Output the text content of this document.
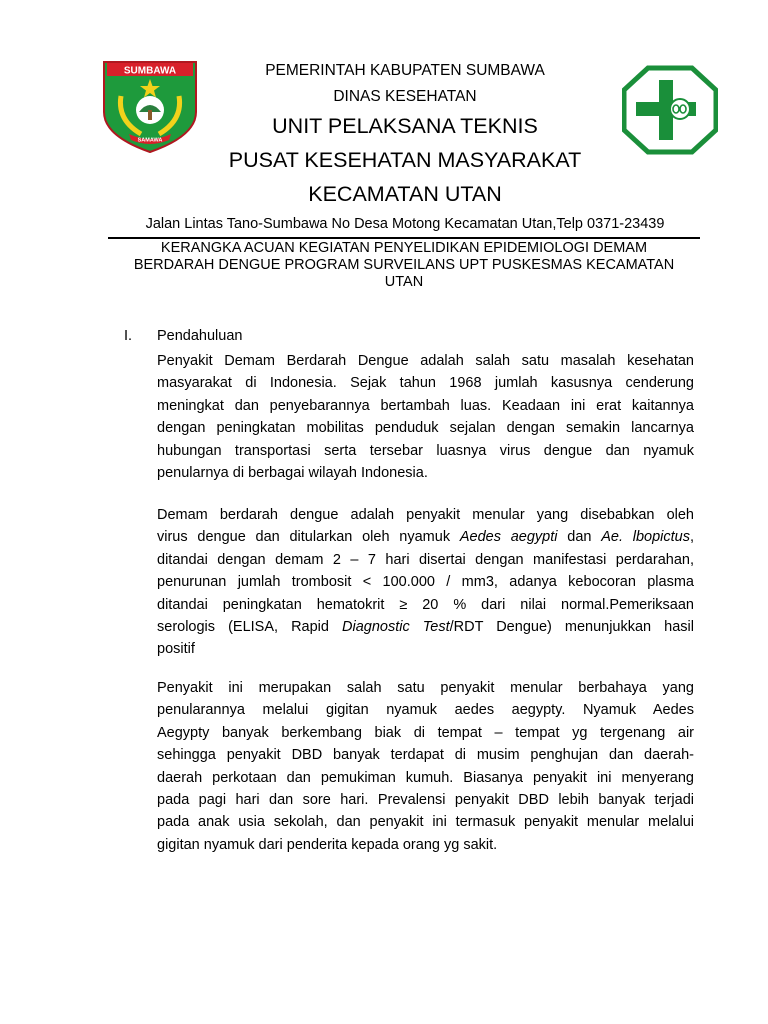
SUMBAWA
SAMAWA
PEMERINTAH KABUPATEN SUMBAWA
DINAS KESEHATAN
UNIT PELAKSANA TEKNIS
PUSAT KESEHATAN MASYARAKAT
KECAMATAN UTAN
Jalan Lintas Tano-Sumbawa No Desa Motong Kecamatan Utan,Telp 0371-23439
KERANGKA ACUAN KEGIATAN PENYELIDIKAN EPIDEMIOLOGI DEMAM
BERDARAH DENGUE PROGRAM SURVEILANS UPT PUSKESMAS KECAMATAN
UTAN
I. Pendahuluan
Penyakit Demam Berdarah Dengue adalah salah satu masalah kesehatan
masyarakat di Indonesia. Sejak tahun 1968 jumlah kasusnya cenderung
meningkat dan penyebarannya bertambah luas. Keadaan ini erat kaitannya
dengan peningkatan mobilitas penduduk sejalan dengan semakin lancarnya
hubungan transportasi serta tersebar luasnya virus dengue dan nyamuk
penularnya di berbagai wilayah Indonesia.
Demam berdarah dengue adalah penyakit menular yang disebabkan oleh
virus dengue dan ditularkan oleh nyamuk Aedes aegypti dan Ae. lbopictus,
ditandai dengan demam 2 – 7 hari disertai dengan manifestasi perdarahan,
penurunan jumlah trombosit < 100.000 / mm3, adanya kebocoran plasma
ditandai peningkatan hematokrit ≥ 20 % dari nilai normal.Pemeriksaan
serologis (ELISA, Rapid Diagnostic Test/RDT Dengue) menunjukkan hasil
positif
Penyakit ini merupakan salah satu penyakit menular berbahaya yang
penularannya melalui gigitan nyamuk aedes aegypty. Nyamuk Aedes
Aegypty banyak berkembang biak di tempat – tempat yg tergenang air
sehingga penyakit DBD banyak terdapat di musim penghujan dan daerah-
daerah perkotaan dan pemukiman kumuh. Biasanya penyakit ini menyerang
pada pagi hari dan sore hari. Prevalensi penyakit DBD lebih banyak terjadi
pada anak usia sekolah, dan penyakit ini termasuk penyakit menular melalui
gigitan nyamuk dari penderita kepada orang yg sakit.
